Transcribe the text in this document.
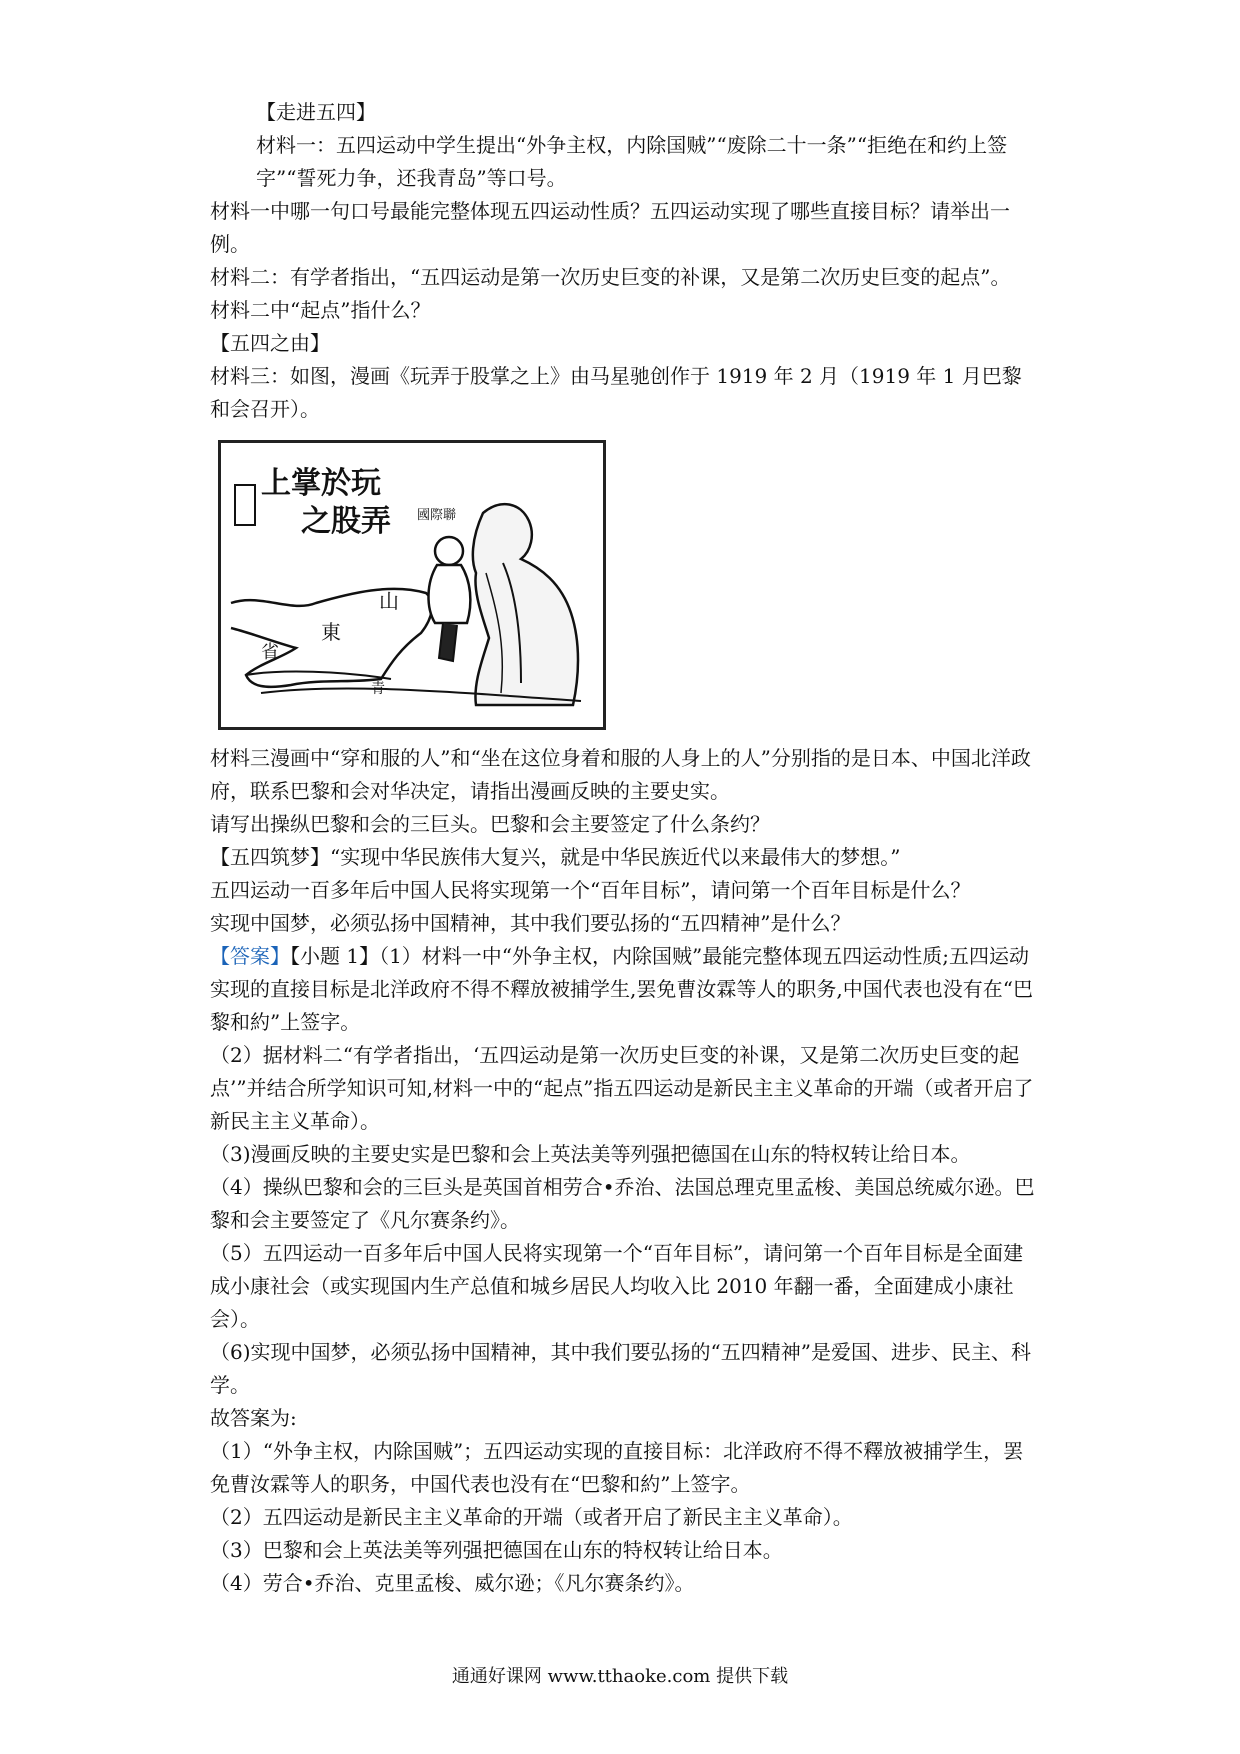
【走进五四】

材料一：五四运动中学生提出“外争主权，内除国贼”“废除二十一条”“拒绝在和约上签字”“誓死力争，还我青岛”等口号。

材料一中哪一句口号最能完整体现五四运动性质？五四运动实现了哪些直接目标？请举出一例。

材料二：有学者指出，“五四运动是第一次历史巨变的补课，又是第二次历史巨变的起点”。

材料二中“起点”指什么？

【五四之由】

材料三：如图，漫画《玩弄于股掌之上》由马星驰创作于 1919 年 2 月（1919 年 1 月巴黎和会召开）。

上掌於玩
之股弄 國際聯
山
東
省
青

材料三漫画中“穿和服的人”和“坐在这位身着和服的人身上的人”分别指的是日本、中国北洋政府，联系巴黎和会对华决定，请指出漫画反映的主要史实。

请写出操纵巴黎和会的三巨头。巴黎和会主要签定了什么条约？

【五四筑梦】“实现中华民族伟大复兴，就是中华民族近代以来最伟大的梦想。”

五四运动一百多年后中国人民将实现第一个“百年目标”，请问第一个百年目标是什么？

实现中国梦，必须弘扬中国精神，其中我们要弘扬的“五四精神”是什么？

【答案】【小题 1】（1）材料一中“外争主权，内除国贼”最能完整体现五四运动性质;五四运动实现的直接目标是北洋政府不得不釋放被捕学生,罢免曹汝霖等人的职务,中国代表也没有在“巴黎和約”上签字。

（2）据材料二“有学者指出，‘五四运动是第一次历史巨变的补课，又是第二次历史巨变的起点’”并结合所学知识可知,材料一中的“起点”指五四运动是新民主主义革命的开端（或者开启了新民主主义革命）。

（3)漫画反映的主要史实是巴黎和会上英法美等列强把德国在山东的特权转让给日本。

（4）操纵巴黎和会的三巨头是英国首相劳合•乔治、法国总理克里孟梭、美国总统威尔逊。巴黎和会主要签定了《凡尔赛条约》。

（5）五四运动一百多年后中国人民将实现第一个“百年目标”，请问第一个百年目标是全面建成小康社会（或实现国内生产总值和城乡居民人均收入比 2010 年翻一番，全面建成小康社会）。

（6)实现中国梦，必须弘扬中国精神，其中我们要弘扬的“五四精神”是爱国、进步、民主、科学。

故答案为:

（1）“外争主权，内除国贼”；五四运动实现的直接目标：北洋政府不得不釋放被捕学生，罢免曹汝霖等人的职务，中国代表也没有在“巴黎和約”上签字。

（2）五四运动是新民主主义革命的开端（或者开启了新民主主义革命）。

（3）巴黎和会上英法美等列强把德国在山东的特权转让给日本。

（4）劳合•乔治、克里孟梭、威尔逊；《凡尔赛条约》。

通通好课网 www.tthaoke.com 提供下载
